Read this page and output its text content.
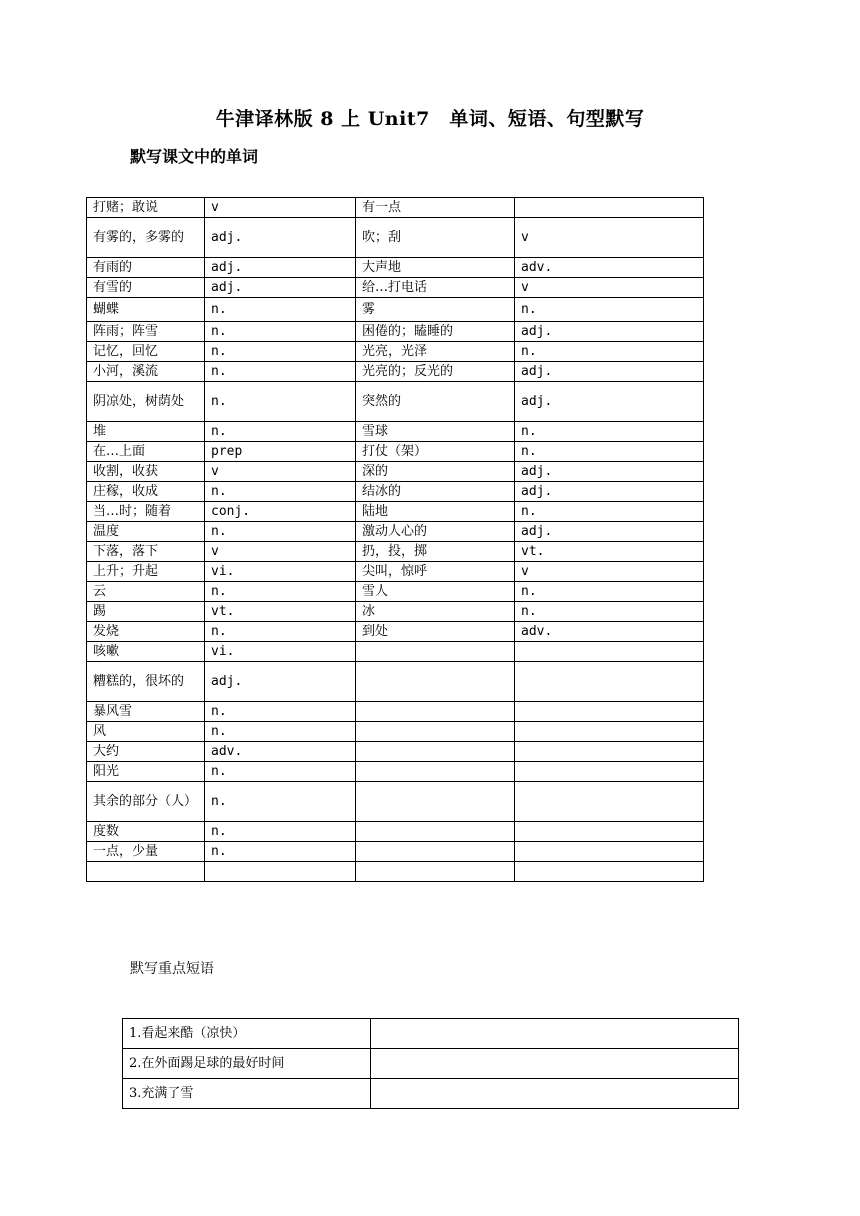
牛津译林版 8 上 Unit7　单词、短语、句型默写
默写课文中的单词
打赌；敢说	v	有一点	
有雾的，多雾的	adj.	吹；刮	v
有雨的	adj.	大声地	adv.
有雪的	adj.	给…打电话	v
蝴蝶	n.	雾	n.
阵雨；阵雪	n.	困倦的；瞌睡的	adj.
记忆，回忆	n.	光亮，光泽	n.
小河，溪流	n.	光亮的；反光的	adj.
阴凉处，树荫处	n.	突然的	adj.
堆	n.	雪球	n.
在…上面	prep	打仗（架）	n.
收割，收获	v	深的	adj.
庄稼，收成	n.	结冰的	adj.
当…时；随着	conj.	陆地	n.
温度	n.	激动人心的	adj.
下落，落下	v	扔，投，掷	vt.
上升；升起	vi.	尖叫，惊呼	v
云	n.	雪人	n.
踢	vt.	冰	n.
发烧	n.	到处	adv.
咳嗽	vi.		
糟糕的，很坏的	adj.		
暴风雪	n.		
风	n.		
大约	adv.		
阳光	n.		
其余的部分（人）	n.		
度数	n.		
一点，少量	n.		

默写重点短语
1.看起来酷（凉快）	
2.在外面踢足球的最好时间	
3.充满了雪	
